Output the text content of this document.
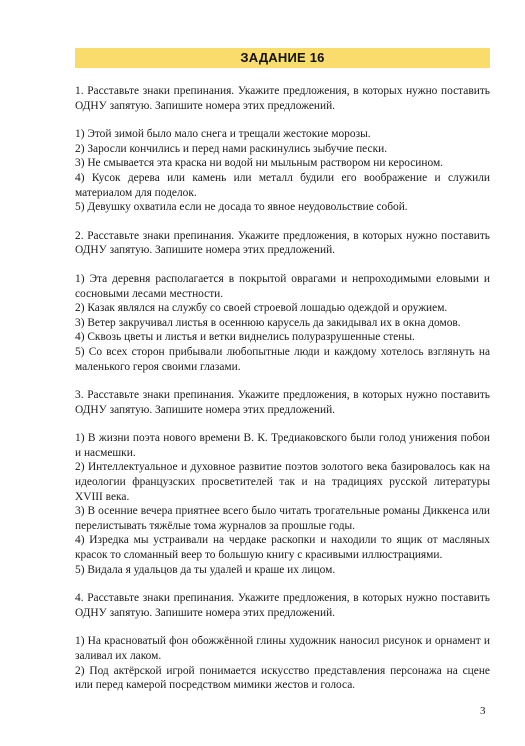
ЗАДАНИЕ 16

1. Расставьте знаки препинания. Укажите предложения, в которых нужно поставить ОДНУ запятую. Запишите номера этих предложений.

1) Этой зимой было мало снега и трещали жестокие морозы.
2) Заросли кончились и перед нами раскинулись зыбучие пески.
3) Не смывается эта краска ни водой ни мыльным раствором ни керосином.
4) Кусок дерева или камень или металл будили его воображение и служили материалом для поделок.
5) Девушку охватила если не досада то явное неудовольствие собой.

2. Расставьте знаки препинания. Укажите предложения, в которых нужно поставить ОДНУ запятую. Запишите номера этих предложений.

1) Эта деревня располагается в покрытой оврагами и непроходимыми еловыми и сосновыми лесами местности.
2) Казак являлся на службу со своей строевой лошадью одеждой и оружием.
3) Ветер закручивал листья в осеннюю карусель да закидывал их в окна домов.
4) Сквозь цветы и листья и ветки виднелись полуразрушенные стены.
5) Со всех сторон прибывали любопытные люди и каждому хотелось взглянуть на маленького героя своими глазами.

3. Расставьте знаки препинания. Укажите предложения, в которых нужно поставить ОДНУ запятую. Запишите номера этих предложений.

1) В жизни поэта нового времени В. К. Тредиаковского были голод унижения побои и насмешки.
2) Интеллектуальное и духовное развитие поэтов золотого века базировалось как на идеологии французских просветителей так и на традициях русской литературы XVIII века.
3) В осенние вечера приятнее всего было читать трогательные романы Диккенса или перелистывать тяжёлые тома журналов за прошлые годы.
4) Изредка мы устраивали на чердаке раскопки и находили то ящик от масляных красок то сломанный веер то большую книгу с красивыми иллюстрациями.
5) Видала я удальцов да ты удалей и краше их лицом.

4. Расставьте знаки препинания. Укажите предложения, в которых нужно поставить ОДНУ запятую. Запишите номера этих предложений.

1) На красноватый фон обожжённой глины художник наносил рисунок и орнамент и заливал их лаком.
2) Под актёрской игрой понимается искусство представления персонажа на сцене или перед камерой посредством мимики жестов и голоса.
3
